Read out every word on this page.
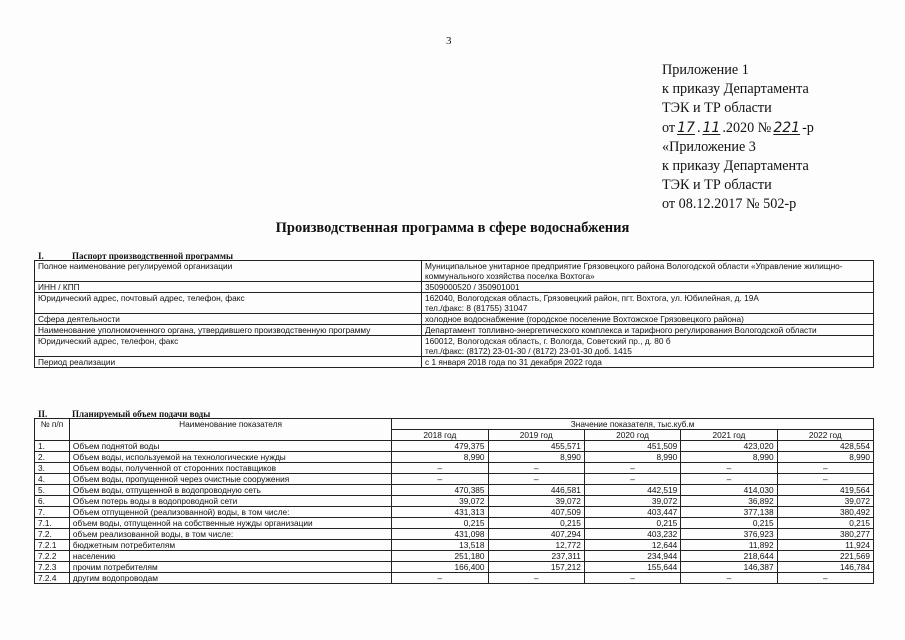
3
Приложение 1
к приказу Департамента
ТЭК и ТР области
от 17 . 11 .2020 № 221 -р
«Приложение 3
к приказу Департамента
ТЭК и ТР области
от 08.12.2017 № 502-р
Производственная программа в сфере водоснабжения
I.	Паспорт производственной программы
Полное наименование регулируемой организации	Муниципальное унитарное предприятие Грязовецкого района Вологодской области «Управление жилищно-коммунального хозяйства поселка Вохтога»

ИНН / КПП	3509000520 / 350901001

Юридический адрес, почтовый адрес, телефон, факс	162040, Вологодская область, Грязовецкий район, пгт. Вохтога, ул. Юбилейная, д. 19А
тел./факс: 8 (81755) 31047

Сфера деятельности	холодное водоснабжение (городское поселение Вохтожское Грязовецкого района)

Наименование уполномоченного органа, утвердившего производственную программу	Департамент топливно-энергетического комплекса и тарифного регулирования Вологодской области

Юридический адрес, телефон, факс	160012, Вологодская область, г. Вологда, Советский пр., д. 80 б
тел./факс: (8172) 23-01-30 / (8172) 23-01-30 доб. 1415

Период реализации	с 1 января 2018 года по 31 декабря 2022 года
II.	Планируемый объем подачи воды
№ п/п	Наименование показателя	Значение показателя, тыс.куб.м				
		2018 год	2019 год	2020 год	2021 год	2022 год
1.	Объем поднятой воды	479,375	455,571	451,509	423,020	428,554
2.	Объем воды, используемой на технологические нужды	8,990	8,990	8,990	8,990	8,990
3.	Объем воды, полученной от сторонних поставщиков	–	–	–	–	–
4.	Объем воды, пропущенной через очистные сооружения	–	–	–	–	–
5.	Объем воды, отпущенной в водопроводную сеть	470,385	446,581	442,519	414,030	419,564
6.	Объем потерь воды в водопроводной сети	39,072	39,072	39,072	36,892	39,072
7.	Объем отпущенной (реализованной) воды, в том числе:	431,313	407,509	403,447	377,138	380,492
7.1.	объем воды, отпущенной на собственные нужды организации	0,215	0,215	0,215	0,215	0,215
7.2.	объем реализованной воды, в том числе:	431,098	407,294	403,232	376,923	380,277
7.2.1	бюджетным потребителям	13,518	12,772	12,644	11,892	11,924
7.2.2	населению	251,180	237,311	234,944	218,644	221,569
7.2.3	прочим потребителям	166,400	157,212	155,644	146,387	146,784
7.2.4	другим водопроводам	–	–	–	–	–
